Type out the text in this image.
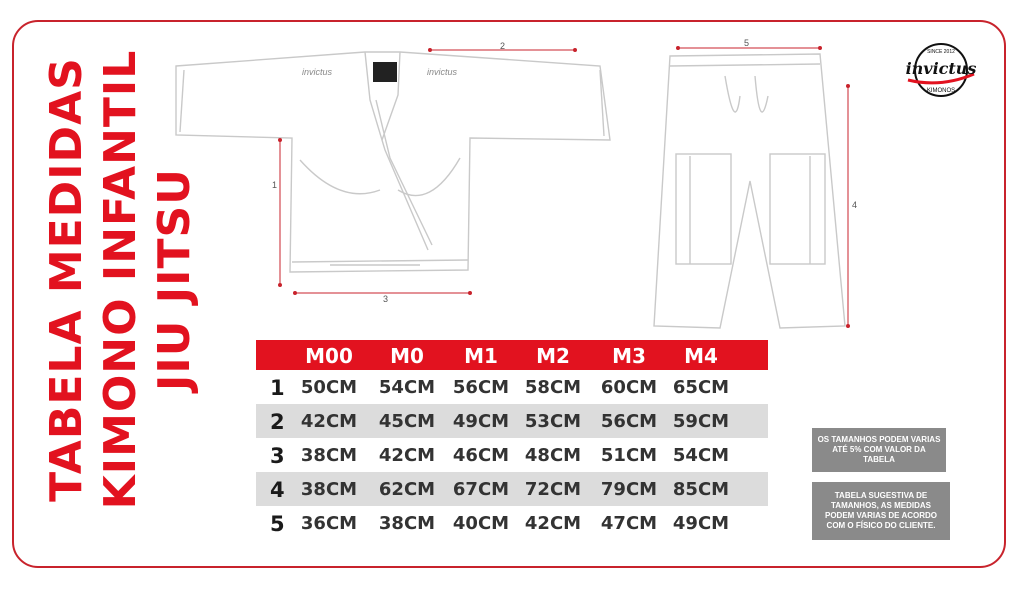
TABELA MEDIDAS KIMONO INFANTIL JIU JITSU
invictus	invictus
2
1
3
5
4
SINCE 2012
invictus
KIMONOS
M00	M0	M1	M2	M3	M4
1 50CM	54CM 56CM 58CM	60CM 65CM
2 42CM	45CM 49CM 53CM	56CM 59CM
3 38CM	42CM 46CM 48CM	51CM 54CM
4 38CM	62CM 67CM 72CM	79CM 85CM
5 36CM	38CM 40CM 42CM	47CM 49CM
OS TAMANHOS PODEM VARIAS ATÉ 5% COM VALOR DA TABELA
TABELA SUGESTIVA DE TAMANHOS, AS MEDIDAS PODEM VARIAS DE ACORDO COM O FÍSICO DO CLIENTE.
